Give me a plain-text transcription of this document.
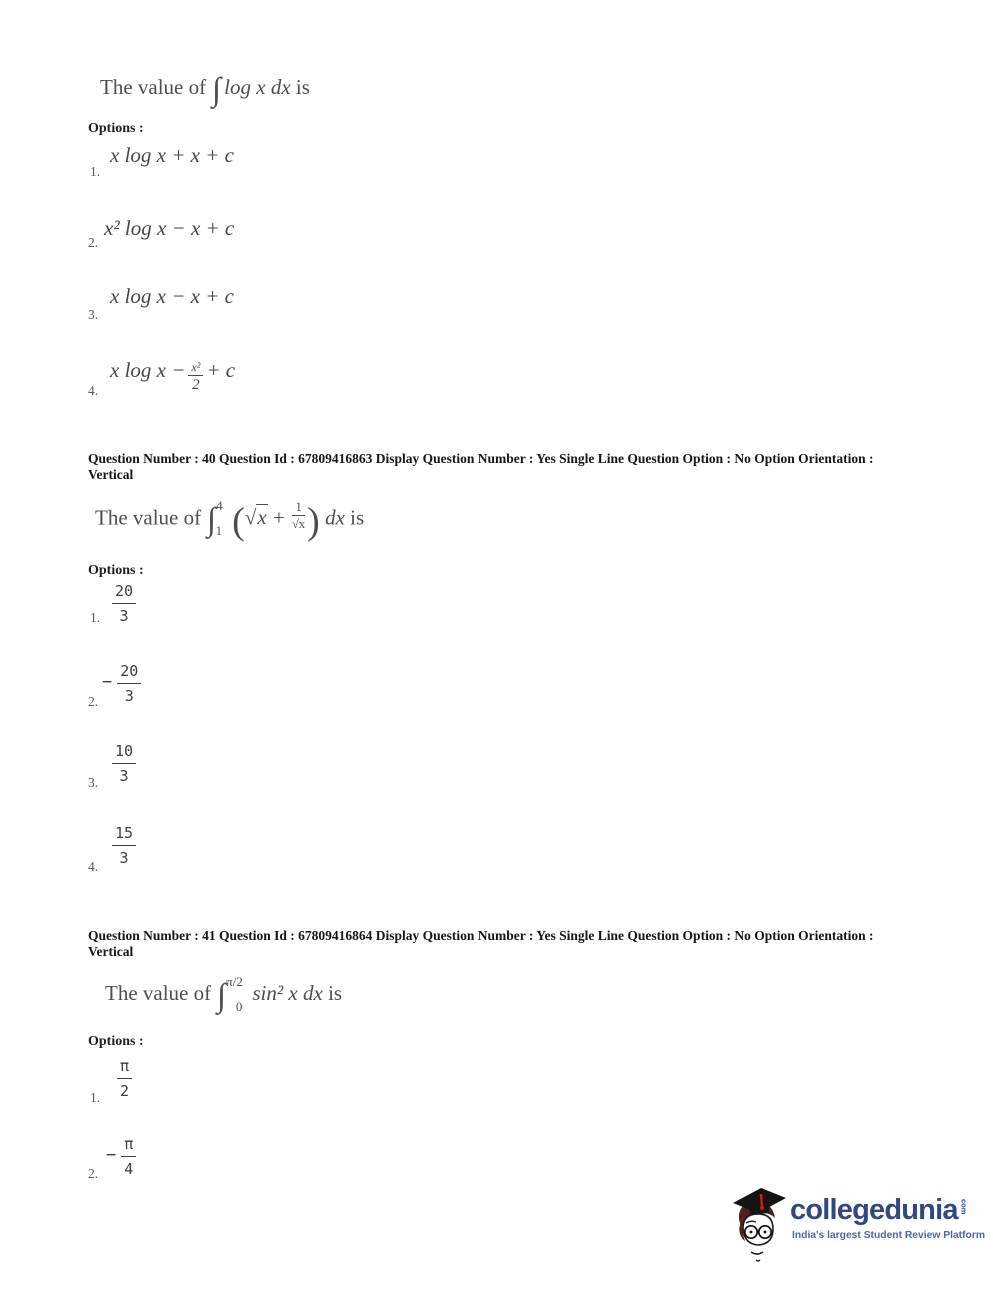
The value of ∫ log x dx is
Options :
x log x + x + c
1.
x² log x − x + c
2.
x log x − x + c
3.
x log x − x²
2
+ c
4.
Question Number : 40 Question Id : 67809416863 Display Question Number : Yes Single Line Question Option : No Option Orientation : Vertical
The value of ∫$^4_1$ ($√x + \frac{1}{√x}$ ) dx is
Options :
20
3
1.
− $\frac{20}{3}$
2.
10
3
3.
15
3
4.
Question Number : 41 Question Id : 67809416864 Display Question Number : Yes Single Line Question Option : No Option Orientation : Vertical
The value of ∫$^{\pi/2}_0$sin² x dx is
Options :
π
2
1.
− $\frac{\pi}{4}$
2.
collegedunia com
India's largest Student Review Platform
